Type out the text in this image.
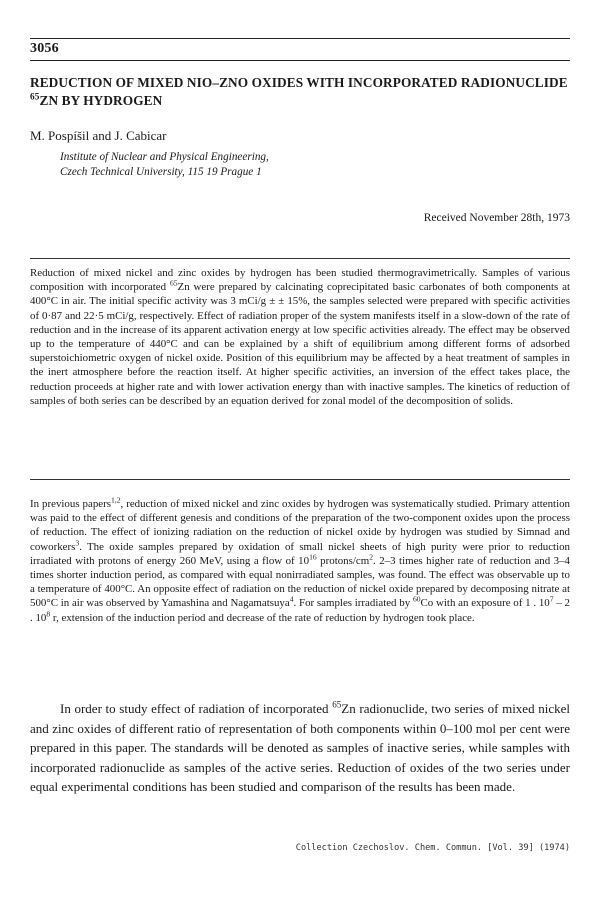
3056
REDUCTION OF MIXED NIO–ZNO OXIDES WITH INCORPORATED RADIONUCLIDE $^{65}$ZN BY HYDROGEN
M. Pospíšil and J. Cabicar
Institute of Nuclear and Physical Engineering,
Czech Technical University, 115 19 Prague 1
Received November 28th, 1973
Reduction of mixed nickel and zinc oxides by hydrogen has been studied thermogravimetrically. Samples of various composition with incorporated $^{65}$Zn were prepared by calcinating coprecipitated basic carbonates of both components at 400°C in air. The initial specific activity was 3 mCi/g ± ± 15%, the samples selected were prepared with specific activities of 0·87 and 22·5 mCi/g, respectively. Effect of radiation proper of the system manifests itself in a slow-down of the rate of reduction and in the increase of its apparent activation energy at low specific activities already. The effect may be observed up to the temperature of 440°C and can be explained by a shift of equilibrium among different forms of adsorbed superstoichiometric oxygen of nickel oxide. Position of this equilibrium may be affected by a heat treatment of samples in the inert atmosphere before the reaction itself. At higher specific activities, an inversion of the effect takes place, the reduction proceeds at higher rate and with lower activation energy than with inactive samples. The kinetics of reduction of samples of both series can be described by an equation derived for zonal model of the decomposition of solids.
In previous papers$^{1,2}$, reduction of mixed nickel and zinc oxides by hydrogen was systematically studied. Primary attention was paid to the effect of different genesis and conditions of the preparation of the two-component oxides upon the process of reduction. The effect of ionizing radiation on the reduction of nickel oxide by hydrogen was studied by Simnad and coworkers$^3$. The oxide samples prepared by oxidation of small nickel sheets of high purity were prior to reduction irradiated with protons of energy 260 MeV, using a flow of $10^{16}$ protons/$cm^2$. 2–3 times higher rate of reduction and 3–4 times shorter induction period, as compared with equal nonirradiated samples, was found. The effect was observable up to a temperature of 400°C. An opposite effect of radiation on the reduction of nickel oxide prepared by decomposing nitrate at 500°C in air was observed by Yamashina and Nagamatsuya$^4$. For samples irradiated by $^{60}$Co with an exposure of 1 . $10^7 - 2$ . $10^8$ r, extension of the induction period and decrease of the rate of reduction by hydrogen took place.
In order to study effect of radiation of incorporated $^{65}$Zn radionuclide, two series of mixed nickel and zinc oxides of different ratio of representation of both components within 0–100 mol per cent were prepared in this paper. The standards will be denoted as samples of inactive series, while samples with incorporated radionuclide as samples of the active series. Reduction of oxides of the two series under equal experimental conditions has been studied and comparison of the results has been made.
Collection Czechoslov. Chem. Commun. [Vol. 39] (1974)
